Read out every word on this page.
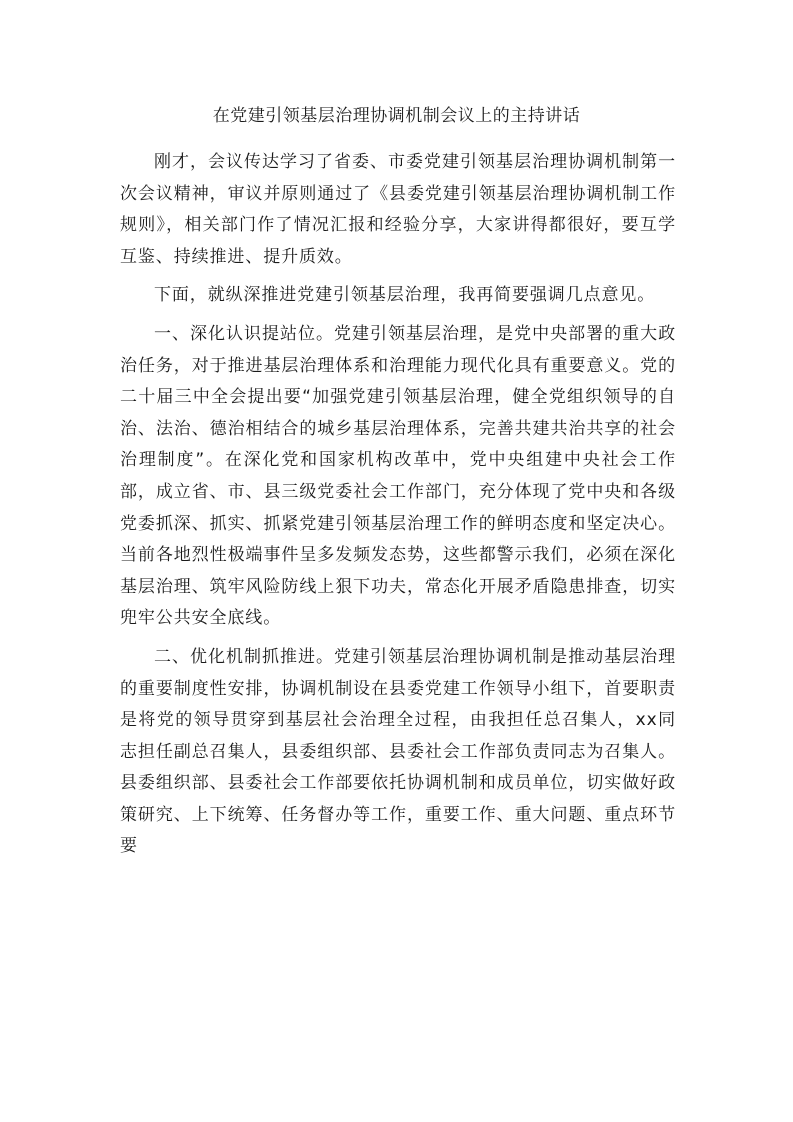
在党建引领基层治理协调机制会议上的主持讲话

刚才，会议传达学习了省委、市委党建引领基层治理协调机制第一次会议精神，审议并原则通过了《县委党建引领基层治理协调机制工作规则》，相关部门作了情况汇报和经验分享，大家讲得都很好，要互学互鉴、持续推进、提升质效。

下面，就纵深推进党建引领基层治理，我再简要强调几点意见。

一、深化认识提站位。党建引领基层治理，是党中央部署的重大政治任务，对于推进基层治理体系和治理能力现代化具有重要意义。党的二十届三中全会提出要“加强党建引领基层治理，健全党组织领导的自治、法治、德治相结合的城乡基层治理体系，完善共建共治共享的社会治理制度”。在深化党和国家机构改革中，党中央组建中央社会工作部，成立省、市、县三级党委社会工作部门，充分体现了党中央和各级党委抓深、抓实、抓紧党建引领基层治理工作的鲜明态度和坚定决心。当前各地烈性极端事件呈多发频发态势，这些都警示我们，必须在深化基层治理、筑牢风险防线上狠下功夫，常态化开展矛盾隐患排查，切实兜牢公共安全底线。

二、优化机制抓推进。党建引领基层治理协调机制是推动基层治理的重要制度性安排，协调机制设在县委党建工作领导小组下，首要职责是将党的领导贯穿到基层社会治理全过程，由我担任总召集人，xx同志担任副总召集人，县委组织部、县委社会工作部负责同志为召集人。县委组织部、县委社会工作部要依托协调机制和成员单位，切实做好政策研究、上下统筹、任务督办等工作，重要工作、重大问题、重点环节要
